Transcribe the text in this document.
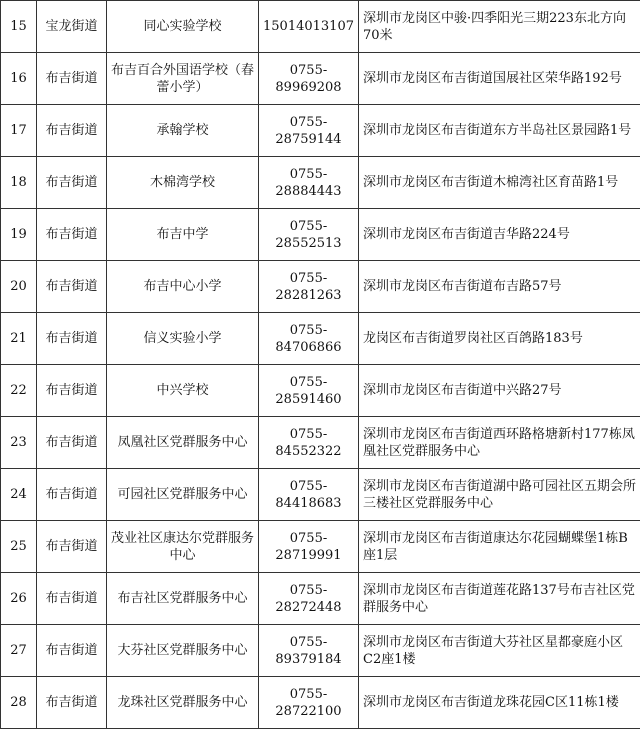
15	宝龙街道	同心实验学校	15014013107	深圳市龙岗区中骏·四季阳光三期223东北方向70米
16	布吉街道	布吉百合外国语学校（春蕾小学）	0755-89969208	深圳市龙岗区布吉街道国展社区荣华路192号
17	布吉街道	承翰学校	0755-28759144	深圳市龙岗区布吉街道东方半岛社区景园路1号
18	布吉街道	木棉湾学校	0755-28884443	深圳市龙岗区布吉街道木棉湾社区育苗路1号
19	布吉街道	布吉中学	0755-28552513	深圳市龙岗区布吉街道吉华路224号
20	布吉街道	布吉中心小学	0755-28281263	深圳市龙岗区布吉街道布吉路57号
21	布吉街道	信义实验小学	0755-84706866	龙岗区布吉街道罗岗社区百鸽路183号
22	布吉街道	中兴学校	0755-28591460	深圳市龙岗区布吉街道中兴路27号
23	布吉街道	凤凰社区党群服务中心	0755-84552322	深圳市龙岗区布吉街道西环路格塘新村177栋凤凰社区党群服务中心
24	布吉街道	可园社区党群服务中心	0755-84418683	深圳市龙岗区布吉街道湖中路可园社区五期会所三楼社区党群服务中心
25	布吉街道	茂业社区康达尔党群服务中心	0755-28719991	深圳市龙岗区布吉街道康达尔花园蝴蝶堡1栋B座1层
26	布吉街道	布吉社区党群服务中心	0755-28272448	深圳市龙岗区布吉街道莲花路137号布吉社区党群服务中心
27	布吉街道	大芬社区党群服务中心	0755-89379184	深圳市龙岗区布吉街道大芬社区星都豪庭小区C2座1楼
28	布吉街道	龙珠社区党群服务中心	0755-28722100	深圳市龙岗区布吉街道龙珠花园C区11栋1楼
